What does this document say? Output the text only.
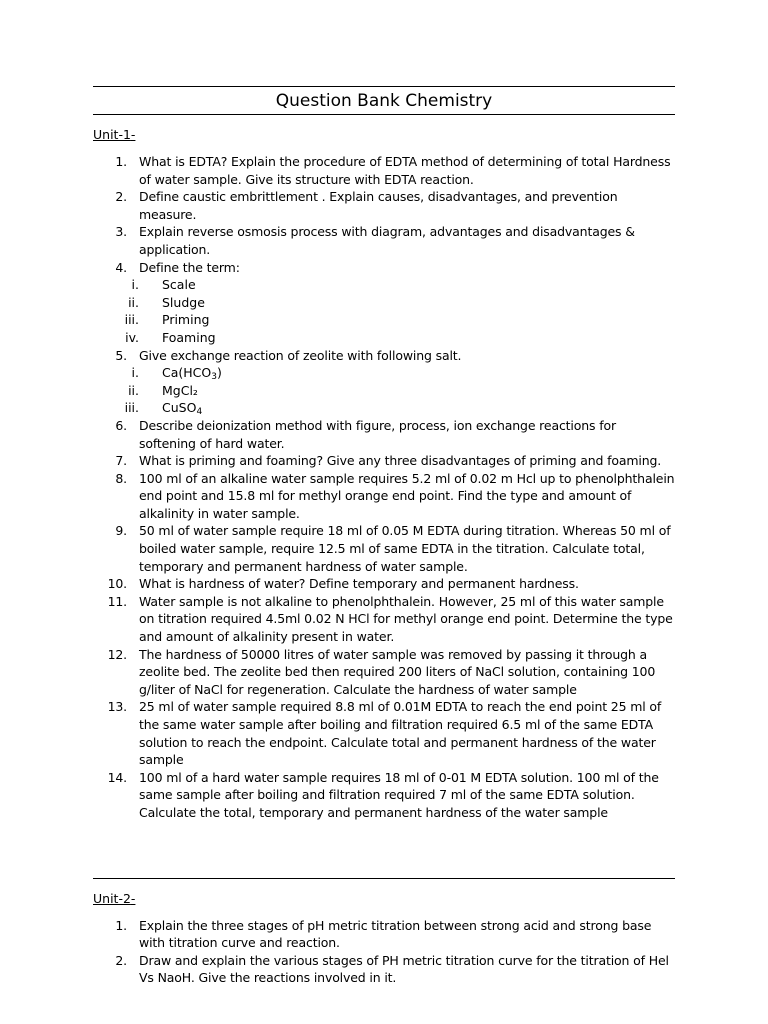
Question Bank Chemistry
Unit-1-
1. What is EDTA? Explain the procedure of EDTA method of determining of total Hardness of water sample. Give its structure with EDTA reaction.
2. Define caustic embrittlement . Explain causes, disadvantages, and prevention measure.
3. Explain reverse osmosis process with diagram, advantages and disadvantages & application.
4. Define the term:
i. Scale
ii. Sludge
iii. Priming
iv. Foaming
5. Give exchange reaction of zeolite with following salt.
i. $Ca(HCO_3)$
ii. MgCl₂
iii. CuSO$_4$
6. Describe deionization method with figure, process, ion exchange reactions for softening of hard water.
7. What is priming and foaming? Give any three disadvantages of priming and foaming.
8. 100 ml of an alkaline water sample requires 5.2 ml of 0.02 m Hcl up to phenolphthalein end point and 15.8 ml for methyl orange end point. Find the type and amount of alkalinity in water sample.
9. 50 ml of water sample require 18 ml of 0.05 M EDTA during titration. Whereas 50 ml of boiled water sample, require 12.5 ml of same EDTA in the titration. Calculate total, temporary and permanent hardness of water sample.
10. What is hardness of water? Define temporary and permanent hardness.
11. Water sample is not alkaline to phenolphthalein. However, 25 ml of this water sample on titration required 4.5ml 0.02 N HCl for methyl orange end point. Determine the type and amount of alkalinity present in water.
12. The hardness of 50000 litres of water sample was removed by passing it through a zeolite bed. The zeolite bed then required 200 liters of NaCl solution, containing 100 g/liter of NaCl for regeneration. Calculate the hardness of water sample
13. 25 ml of water sample required 8.8 ml of 0.01M EDTA to reach the end point 25 ml of the same water sample after boiling and filtration required 6.5 ml of the same EDTA solution to reach the endpoint. Calculate total and permanent hardness of the water sample
14. 100 ml of a hard water sample requires 18 ml of 0-01 M EDTA solution. 100 ml of the same sample after boiling and filtration required 7 ml of the same EDTA solution. Calculate the total, temporary and permanent hardness of the water sample
Unit-2-
1. Explain the three stages of pH metric titration between strong acid and strong base with titration curve and reaction.
2. Draw and explain the various stages of PH metric titration curve for the titration of Hel Vs NaoH. Give the reactions involved in it.
